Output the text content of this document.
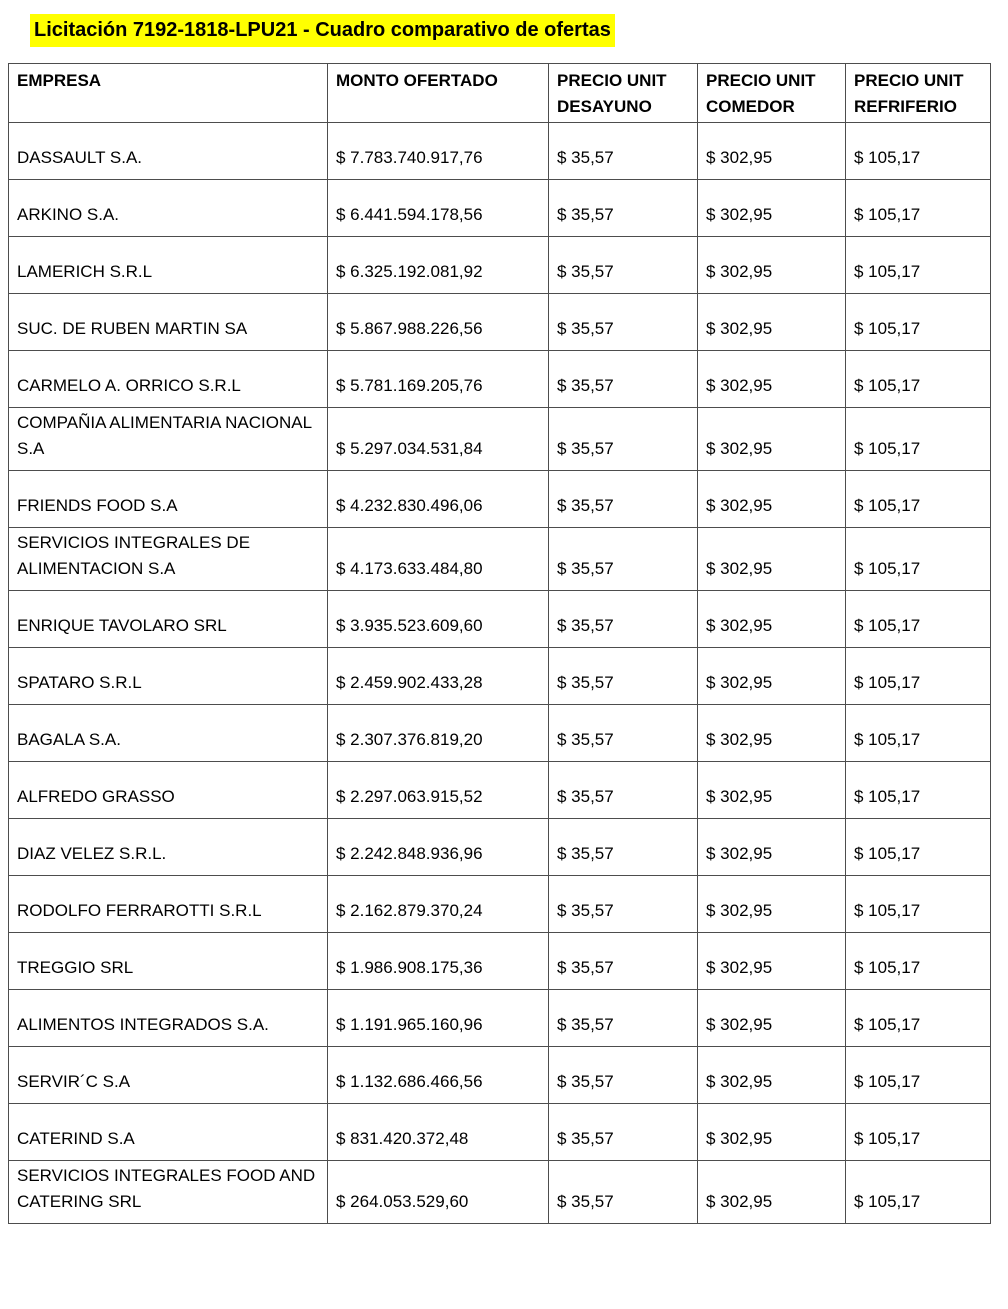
Licitación 7192-1818-LPU21 - Cuadro comparativo de ofertas
EMPRESA	MONTO OFERTADO	PRECIO UNIT DESAYUNO	PRECIO UNIT COMEDOR	PRECIO UNIT REFRIFERIO
DASSAULT S.A.	$ 7.783.740.917,76	$ 35,57	$ 302,95	$ 105,17
ARKINO S.A.	$ 6.441.594.178,56	$ 35,57	$ 302,95	$ 105,17
LAMERICH S.R.L	$ 6.325.192.081,92	$ 35,57	$ 302,95	$ 105,17
SUC. DE RUBEN MARTIN SA	$ 5.867.988.226,56	$ 35,57	$ 302,95	$ 105,17
CARMELO A. ORRICO S.R.L	$ 5.781.169.205,76	$ 35,57	$ 302,95	$ 105,17
COMPAÑIA ALIMENTARIA NACIONAL S.A	$ 5.297.034.531,84	$ 35,57	$ 302,95	$ 105,17
FRIENDS FOOD S.A	$ 4.232.830.496,06	$ 35,57	$ 302,95	$ 105,17
SERVICIOS INTEGRALES DE ALIMENTACION S.A	$ 4.173.633.484,80	$ 35,57	$ 302,95	$ 105,17
ENRIQUE TAVOLARO SRL	$ 3.935.523.609,60	$ 35,57	$ 302,95	$ 105,17
SPATARO S.R.L	$ 2.459.902.433,28	$ 35,57	$ 302,95	$ 105,17
BAGALA S.A.	$ 2.307.376.819,20	$ 35,57	$ 302,95	$ 105,17
ALFREDO GRASSO	$ 2.297.063.915,52	$ 35,57	$ 302,95	$ 105,17
DIAZ VELEZ S.R.L.	$ 2.242.848.936,96	$ 35,57	$ 302,95	$ 105,17
RODOLFO FERRAROTTI S.R.L	$ 2.162.879.370,24	$ 35,57	$ 302,95	$ 105,17
TREGGIO SRL	$ 1.986.908.175,36	$ 35,57	$ 302,95	$ 105,17
ALIMENTOS INTEGRADOS S.A.	$ 1.191.965.160,96	$ 35,57	$ 302,95	$ 105,17
SERVIR´C S.A	$ 1.132.686.466,56	$ 35,57	$ 302,95	$ 105,17
CATERIND S.A	$ 831.420.372,48	$ 35,57	$ 302,95	$ 105,17
SERVICIOS INTEGRALES FOOD AND CATERING SRL	$ 264.053.529,60	$ 35,57	$ 302,95	$ 105,17
